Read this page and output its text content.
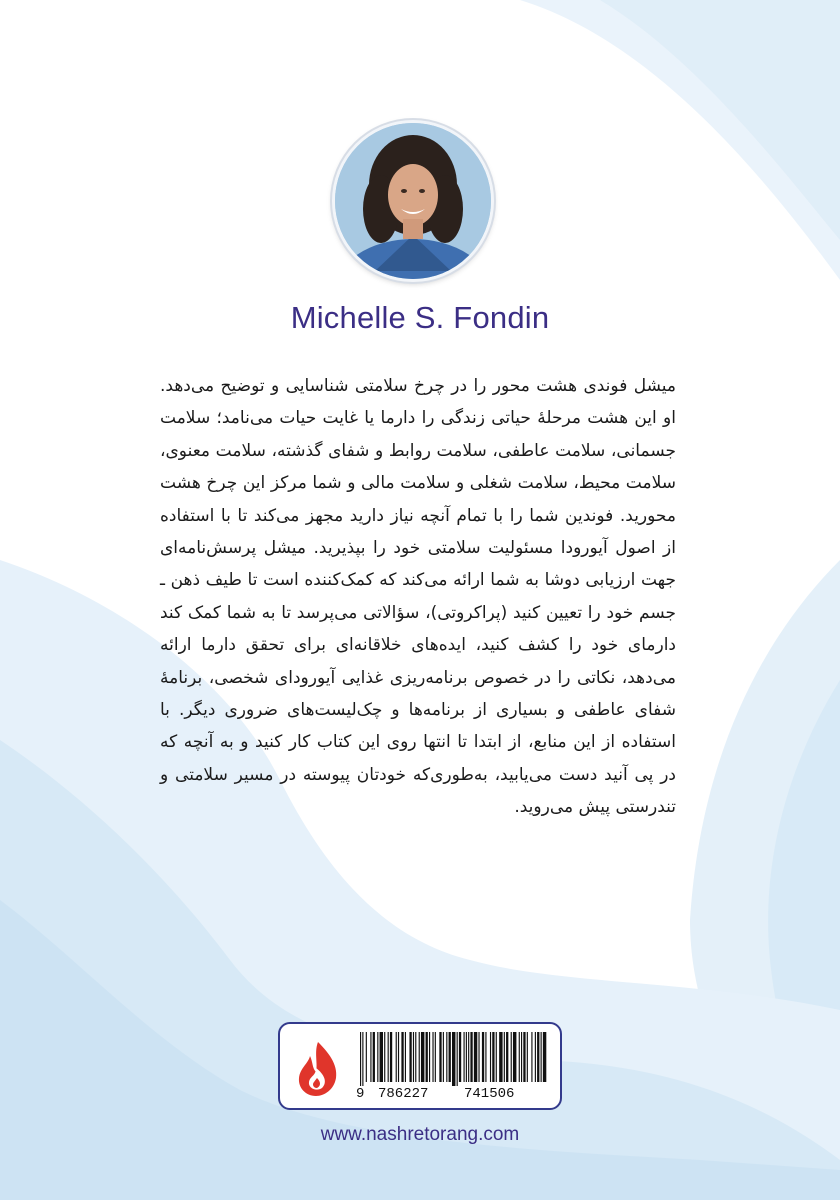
Michelle S. Fondin

میشل فوندی هشت محور را در چرخ سلامتی شناسایی و توضیح می‌دهد. او این هشت مرحلۀ حیاتی زندگی را دارما یا غایت حیات می‌نامد؛ سلامت جسمانی، سلامت عاطفی، سلامت روابط و شفای گذشته، سلامت معنوی، سلامت محیط، سلامت شغلی و سلامت مالی و شما مرکز این چرخ هشت محورید. فوندین شما را با تمام آنچه نیاز دارید مجهز می‌کند تا با استفاده از اصول آیورودا مسئولیت سلامتی خود را بپذیرید. میشل پرسش‌نامه‌ای جهت ارزیابی دوشا به شما ارائه می‌کند که کمک‌کننده است تا طیف ذهن ـ جسم خود را تعیین کنید (پراکروتی)، سؤالاتی می‌پرسد تا به شما کمک کند دارمای خود را کشف کنید، ایده‌های خلاقانه‌ای برای تحقق دارما ارائه می‌دهد، نکاتی را در خصوص برنامه‌ریزی غذایی آیورودای شخصی، برنامۀ شفای عاطفی و بسیاری از برنامه‌ها و چک‌لیست‌های ضروری دیگر. با استفاده از این منابع، از ابتدا تا انتها روی این کتاب کار کنید و به آنچه که در پی آنید دست می‌یابید، به‌طوری‌که خودتان پیوسته در مسیر سلامتی و تندرستی پیش می‌روید.

9 786227	741506
www.nashretorang.com
